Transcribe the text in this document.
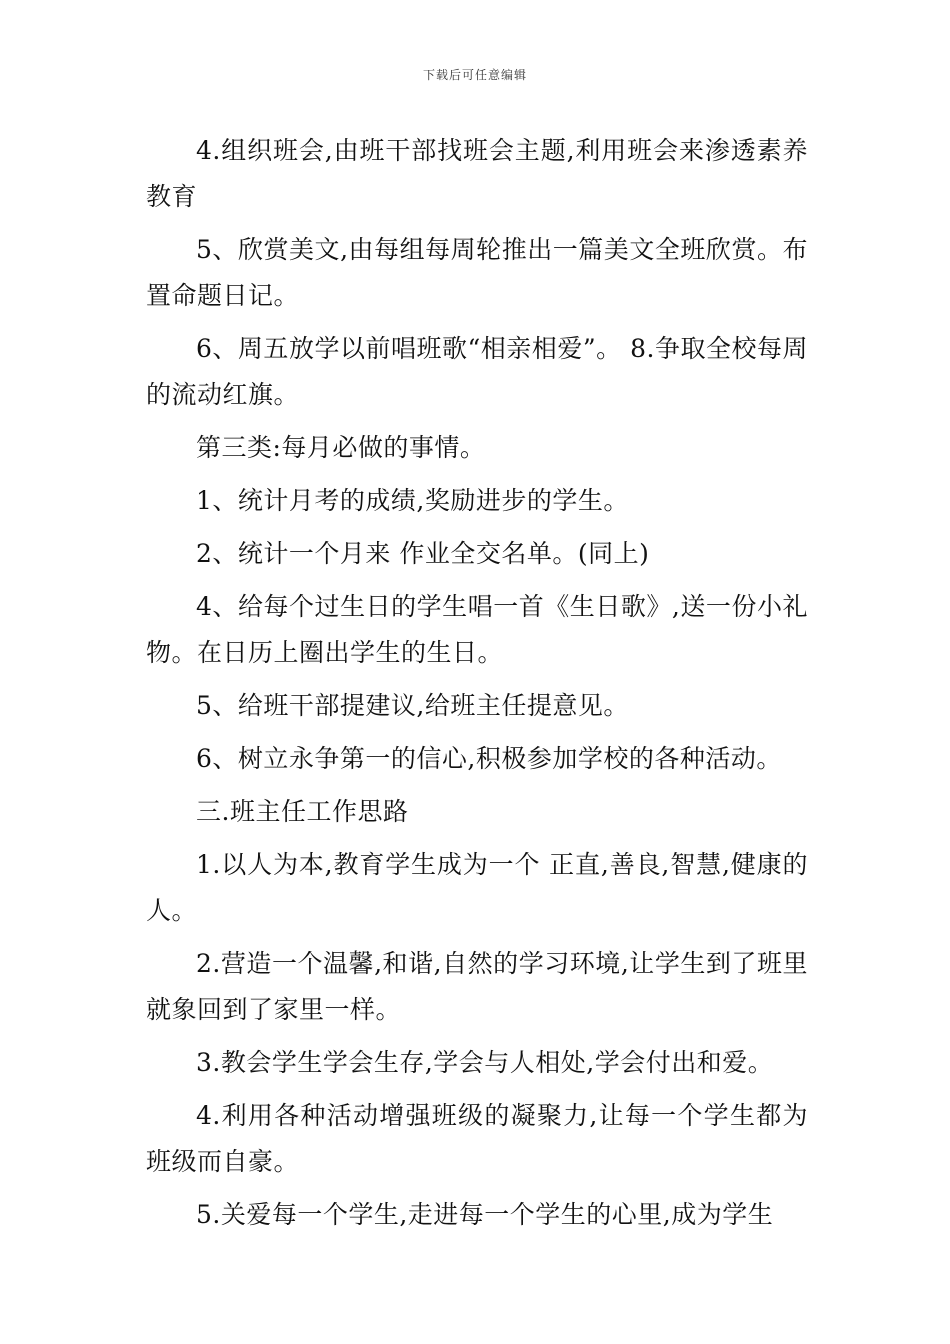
下载后可任意编辑

4.组织班会,由班干部找班会主题,利用班会来渗透素养教育

5、欣赏美文,由每组每周轮推出一篇美文全班欣赏。布置命题日记。

6、周五放学以前唱班歌“相亲相爱”。 8.争取全校每周的流动红旗。

第三类:每月必做的事情。

1、统计月考的成绩,奖励进步的学生。

2、统计一个月来 作业全交名单。(同上)

4、给每个过生日的学生唱一首《生日歌》,送一份小礼物。在日历上圈出学生的生日。

5、给班干部提建议,给班主任提意见。

6、树立永争第一的信心,积极参加学校的各种活动。

三.班主任工作思路

1.以人为本,教育学生成为一个 正直,善良,智慧,健康的人。

2.营造一个温馨,和谐,自然的学习环境,让学生到了班里就象回到了家里一样。

3.教会学生学会生存,学会与人相处,学会付出和爱。

4.利用各种活动增强班级的凝聚力,让每一个学生都为班级而自豪。

5.关爱每一个学生,走进每一个学生的心里,成为学生
